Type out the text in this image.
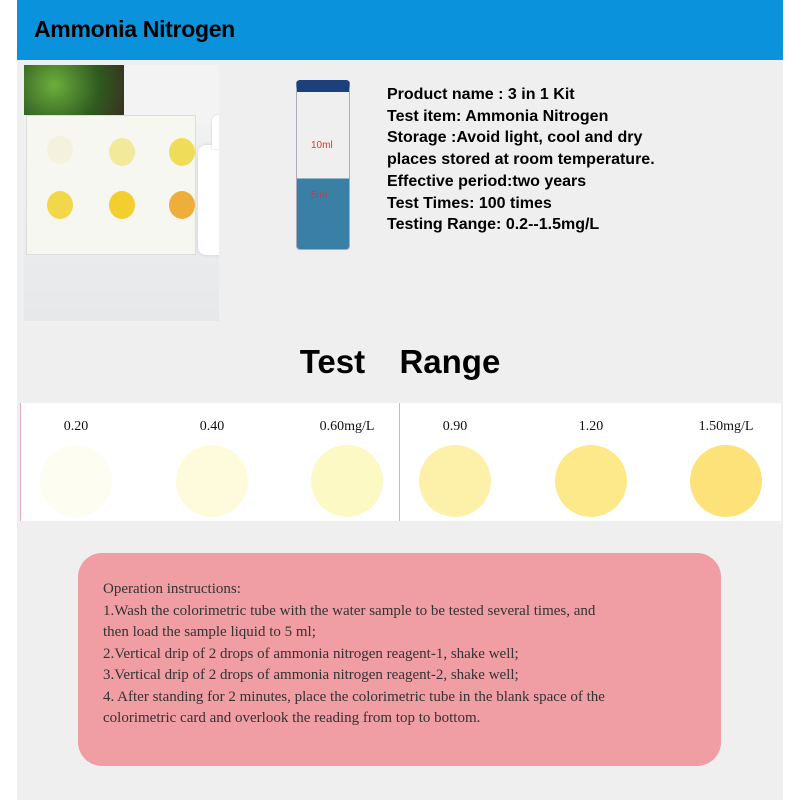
Ammonia Nitrogen
10ml
5ml
Product name : 3 in 1 Kit
Test item: Ammonia Nitrogen
Storage :Avoid light, cool and dry
places stored at room temperature.
Effective period:two years
Test Times: 100 times
Testing Range: 0.2--1.5mg/L
Test  Range
0.20	0.40	0.60mg/L	0.90	1.20	1.50mg/L
Operation instructions:
1.Wash the colorimetric tube with the water sample to be tested several times, and
then load the sample liquid to 5 ml;
2.Vertical drip of 2 drops of ammonia nitrogen reagent-1, shake well;
3.Vertical drip of 2 drops of ammonia nitrogen reagent-2, shake well;
4. After standing for 2 minutes, place the colorimetric tube in the blank space of the
colorimetric card and overlook the reading from top to bottom.
